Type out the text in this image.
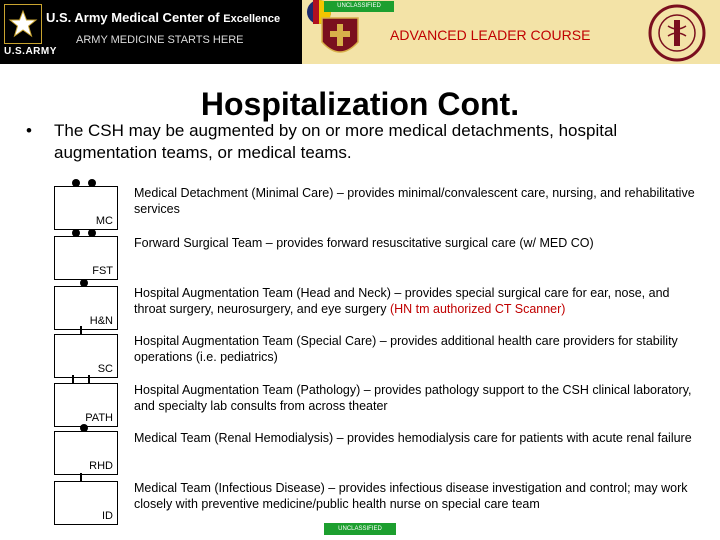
U.S.ARMY
U.S. Army Medical Center of Excellence
ARMY MEDICINE STARTS HERE
UNCLASSIFIED
ADVANCED LEADER COURSE
Hospitalization Cont.
•	The CSH may be augmented by on or more medical detachments, hospital augmentation teams, or medical teams.
MC
Medical Detachment (Minimal Care) – provides minimal/convalescent care, nursing, and rehabilitative services
FST
Forward Surgical Team – provides forward resuscitative surgical care (w/ MED CO)
H&N
Hospital Augmentation Team (Head and Neck) – provides special surgical care for ear, nose, and throat surgery, neurosurgery, and eye surgery (HN tm authorized CT Scanner)
SC
Hospital Augmentation Team (Special Care) – provides additional health care providers for stability operations (i.e. pediatrics)
PATH
Hospital Augmentation Team (Pathology) – provides pathology support to the CSH clinical laboratory, and specialty lab consults from across theater
RHD
Medical Team (Renal Hemodialysis) – provides hemodialysis care for patients with acute renal failure
ID
Medical Team (Infectious Disease) – provides infectious disease investigation and control; may work closely with preventive medicine/public health nurse on special care team
UNCLASSIFIED
